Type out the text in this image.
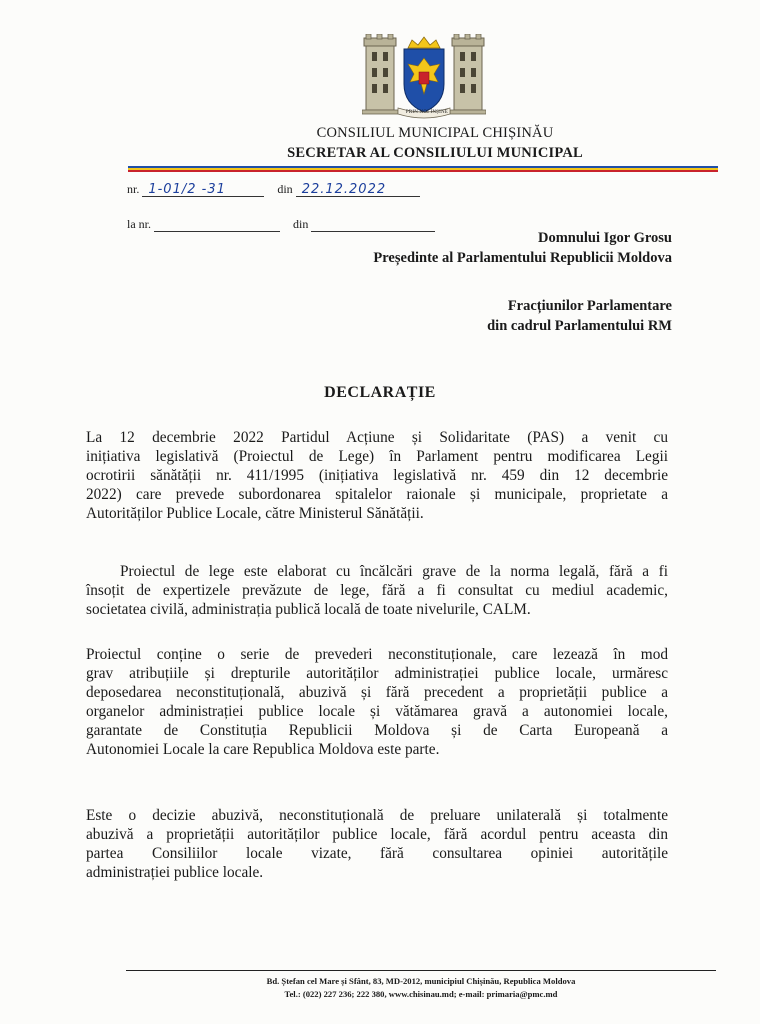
PRIN NOI ÎNȘINE
CONSILIUL MUNICIPAL CHIȘINĂU
SECRETAR AL CONSILIULUI MUNICIPAL
nr. 1-01/2 -31	din 22.12.2022
la nr.	din
Domnului Igor Grosu
Președinte al Parlamentului Republicii Moldova
Fracțiunilor Parlamentare
din cadrul Parlamentului RM
DECLARAȚIE
La 12 decembrie 2022 Partidul Acțiune și Solidaritate (PAS) a venit cu
inițiativa legislativă (Proiectul de Lege) în Parlament pentru modificarea Legii
ocrotirii sănătății nr. 411/1995 (inițiativa legislativă nr. 459 din 12 decembrie
2022) care prevede subordonarea spitalelor raionale și municipale, proprietate a
Autorităților Publice Locale, către Ministerul Sănătății.
Proiectul de lege este elaborat cu încălcări grave de la norma legală, fără a fi
însoțit de expertizele prevăzute de lege, fără a fi consultat cu mediul academic,
societatea civilă, administrația publică locală de toate nivelurile, CALM.
Proiectul conține o serie de prevederi neconstituționale, care lezează în mod
grav atribuțiile și drepturile autorităților administrației publice locale, urmăresc
deposedarea neconstituțională, abuzivă și fără precedent a proprietății publice a
organelor administrației publice locale și vătămarea gravă a autonomiei locale,
garantate de Constituția Republicii Moldova și de Carta Europeană a
Autonomiei Locale la care Republica Moldova este parte.
Este o decizie abuzivă, neconstituțională de preluare unilaterală și totalmente
abuzivă a proprietății autorităților publice locale, fără acordul pentru aceasta din
partea Consiliilor locale vizate, fără consultarea opiniei autoritățile
administrației publice locale.
Bd. Ștefan cel Mare și Sfânt, 83, MD-2012, municipiul Chișinău, Republica Moldova
Tel.: (022) 227 236; 222 380, www.chisinau.md; e-mail: primaria@pmc.md
